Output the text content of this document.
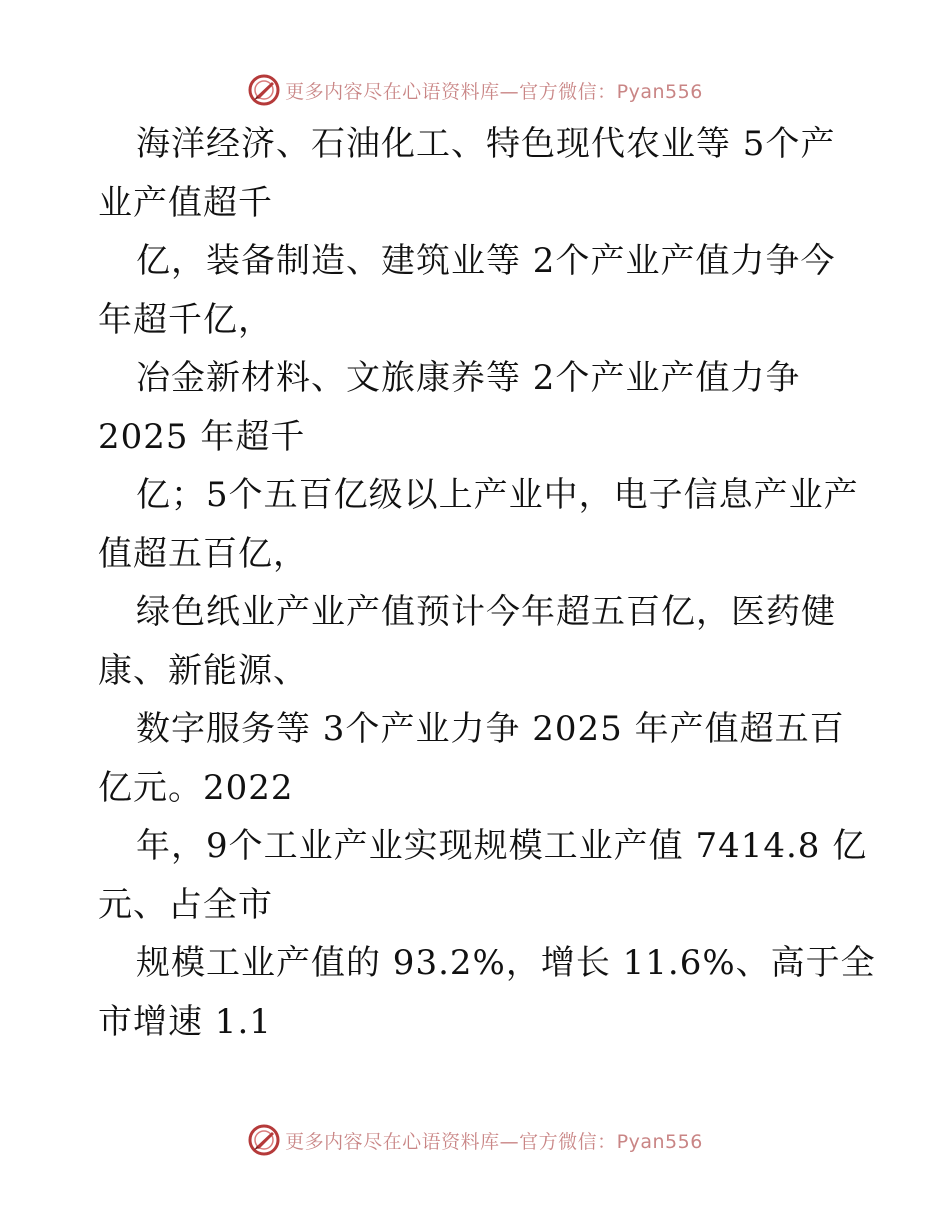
更多内容尽在心语资料库—官方微信：Pyan556
海洋经济、石油化工、特色现代农业等 5个产
业产值超千
亿，装备制造、建筑业等 2个产业产值力争今
年超千亿，
冶金新材料、文旅康养等 2个产业产值力争
2025 年超千
亿；5个五百亿级以上产业中，电子信息产业产
值超五百亿，
绿色纸业产业产值预计今年超五百亿，医药健
康、新能源、
数字服务等 3个产业力争 2025 年产值超五百
亿元。2022
年，9个工业产业实现规模工业产值 7414.8 亿
元、占全市
规模工业产值的 93.2%，增长 11.6%、高于全
市增速 1.1
更多内容尽在心语资料库—官方微信：Pyan556
